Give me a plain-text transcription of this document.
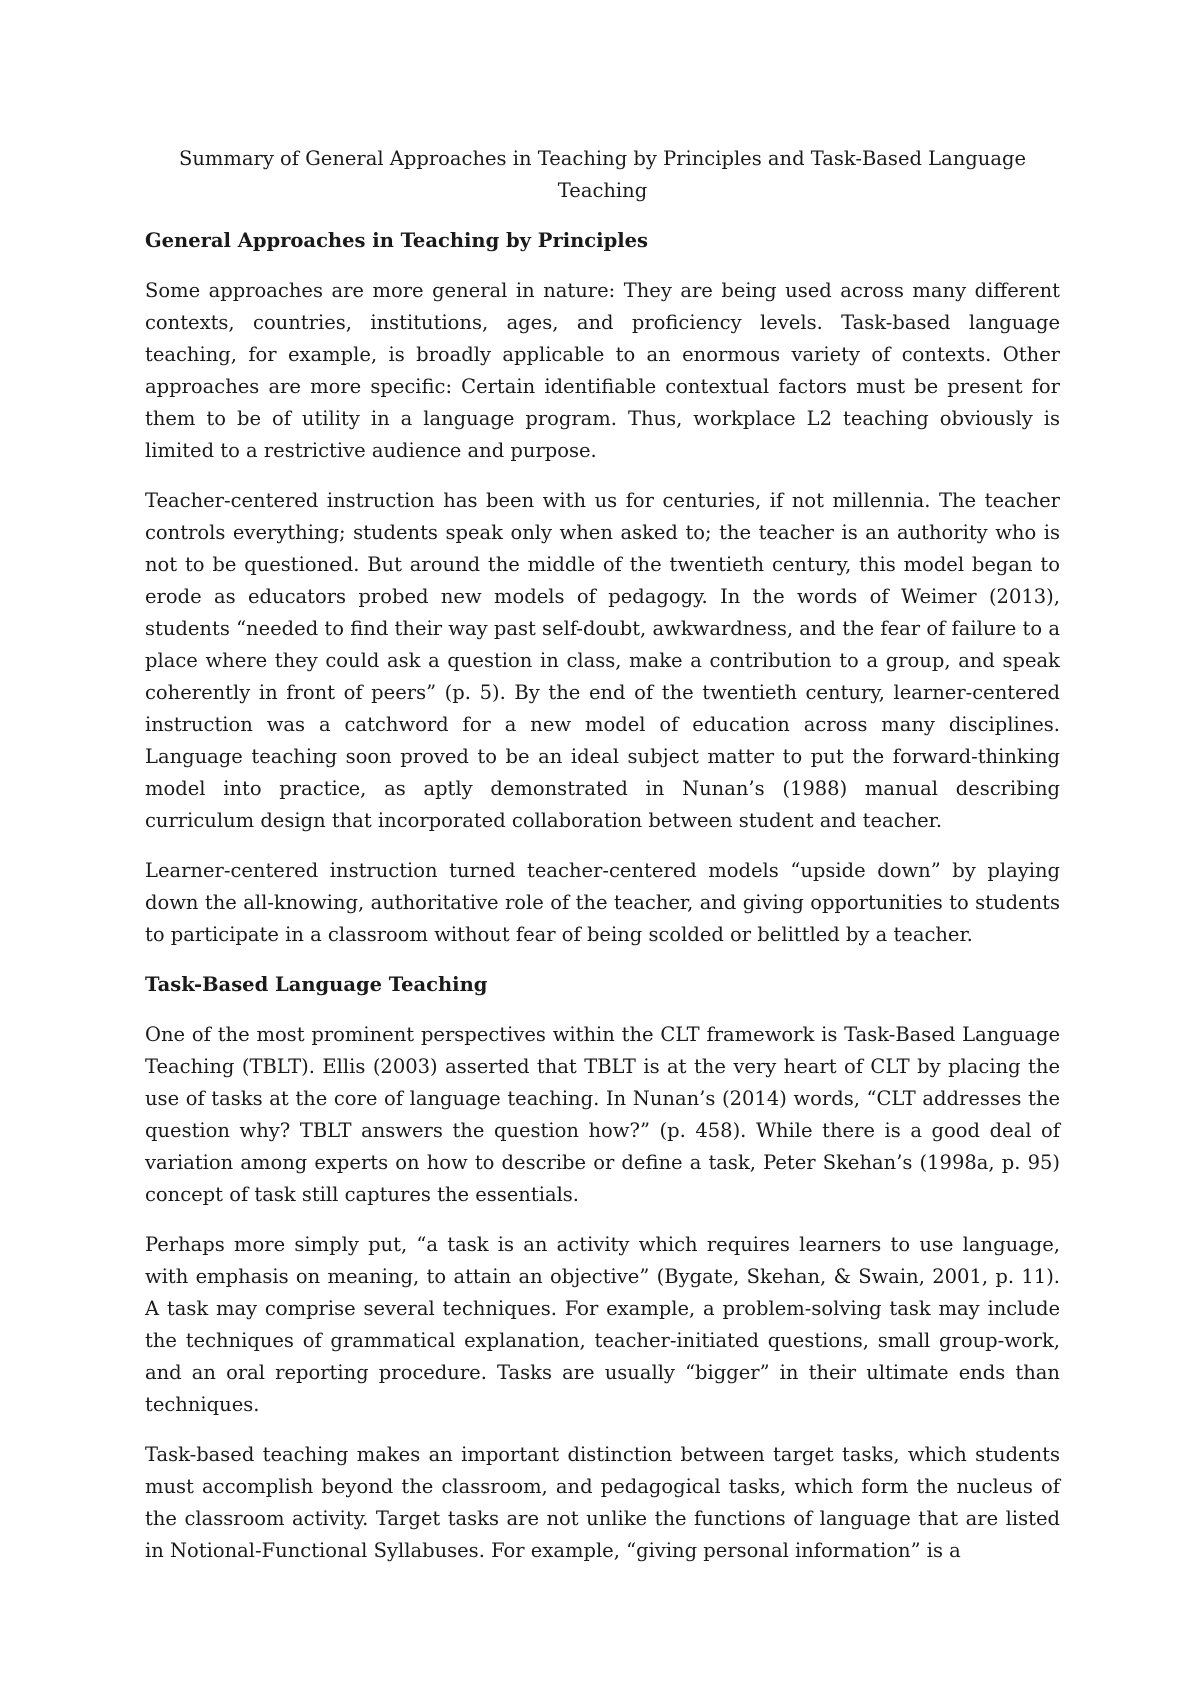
Summary of General Approaches in Teaching by Principles and Task-Based Language
Teaching
General Approaches in Teaching by Principles

Some approaches are more general in nature: They are being used across many different contexts, countries, institutions, ages, and proficiency levels. Task-based language teaching, for example, is broadly applicable to an enormous variety of contexts. Other approaches are more specific: Certain identifiable contextual factors must be present for them to be of utility in a language program. Thus, workplace L2 teaching obviously is limited to a restrictive audience and purpose.

Teacher-centered instruction has been with us for centuries, if not millennia. The teacher controls everything; students speak only when asked to; the teacher is an authority who is not to be questioned. But around the middle of the twentieth century, this model began to erode as educators probed new models of pedagogy. In the words of Weimer (2013), students “needed to find their way past self-doubt, awkwardness, and the fear of failure to a place where they could ask a question in class, make a contribution to a group, and speak coherently in front of peers” (p. 5). By the end of the twentieth century, learner-centered instruction was a catchword for a new model of education across many disciplines. Language teaching soon proved to be an ideal subject matter to put the forward-thinking model into practice, as aptly demonstrated in Nunan’s (1988) manual describing curriculum design that incorporated collaboration between student and teacher.

Learner-centered instruction turned teacher-centered models “upside down” by playing down the all-knowing, authoritative role of the teacher, and giving opportunities to students to participate in a classroom without fear of being scolded or belittled by a teacher.

Task-Based Language Teaching

One of the most prominent perspectives within the CLT framework is Task-Based Language Teaching (TBLT). Ellis (2003) asserted that TBLT is at the very heart of CLT by placing the use of tasks at the core of language teaching. In Nunan’s (2014) words, “CLT addresses the question why? TBLT answers the question how?” (p. 458). While there is a good deal of variation among experts on how to describe or define a task, Peter Skehan’s (1998a, p. 95) concept of task still captures the essentials.

Perhaps more simply put, “a task is an activity which requires learners to use language, with emphasis on meaning, to attain an objective” (Bygate, Skehan, & Swain, 2001, p. 11). A task may comprise several techniques. For example, a problem-solving task may include the techniques of grammatical explanation, teacher-initiated questions, small group-work, and an oral reporting procedure. Tasks are usually “bigger” in their ultimate ends than techniques.

Task-based teaching makes an important distinction between target tasks, which students must accomplish beyond the classroom, and pedagogical tasks, which form the nucleus of the classroom activity. Target tasks are not unlike the functions of language that are listed in Notional-Functional Syllabuses. For example, “giving personal information” is a
